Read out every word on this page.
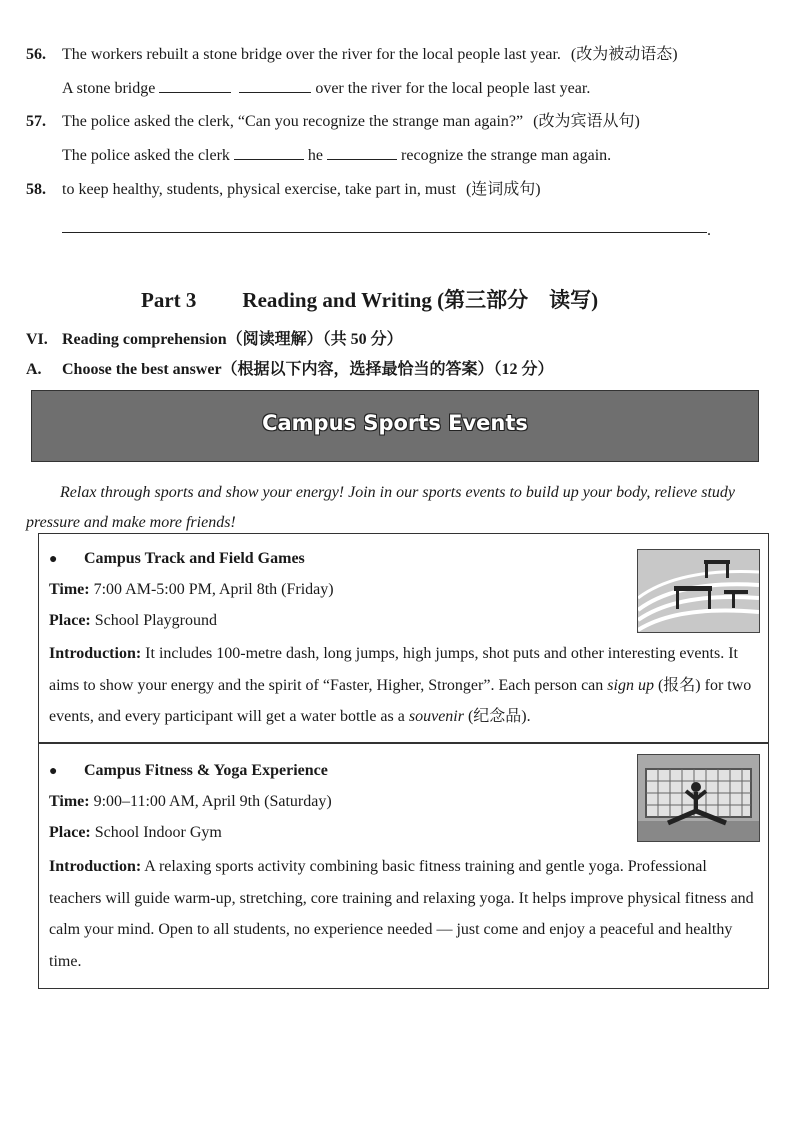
56. The workers rebuilt a stone bridge over the river for the local people last year. (改为被动语态)
A stone bridge	over the river for the local people last year.
57. The police asked the clerk, “Can you recognize the strange man again?” (改为宾语从句)
The police asked the clerk	he	recognize the strange man again.
58. to keep healthy, students, physical exercise, take part in, must (连词成句)
.
Part 3 Reading and Writing (第三部分　读写)
VI. Reading comprehension（阅读理解）（共 50 分）
A. Choose the best answer（根据以下内容，选择最恰当的答案）（12 分）
Campus Sports Events
Relax through sports and show your energy! Join in our sports events to build up your body, relieve study pressure and make more friends!
● Campus Track and Field Games
Time: 7:00 AM-5:00 PM, April 8th (Friday)
Place: School Playground
Introduction: It includes 100-metre dash, long jumps, high jumps, shot puts and other interesting events. It aims to show your energy and the spirit of “Faster, Higher, Stronger”. Each person can sign up (报名) for two events, and every participant will get a water bottle as a souvenir (纪念品).
● Campus Fitness & Yoga Experience
Time: 9:00–11:00 AM, April 9th (Saturday)
Place: School Indoor Gym
Introduction: A relaxing sports activity combining basic fitness training and gentle yoga. Professional teachers will guide warm-up, stretching, core training and relaxing yoga. It helps improve physical fitness and calm your mind. Open to all students, no experience needed — just come and enjoy a peaceful and healthy time.
